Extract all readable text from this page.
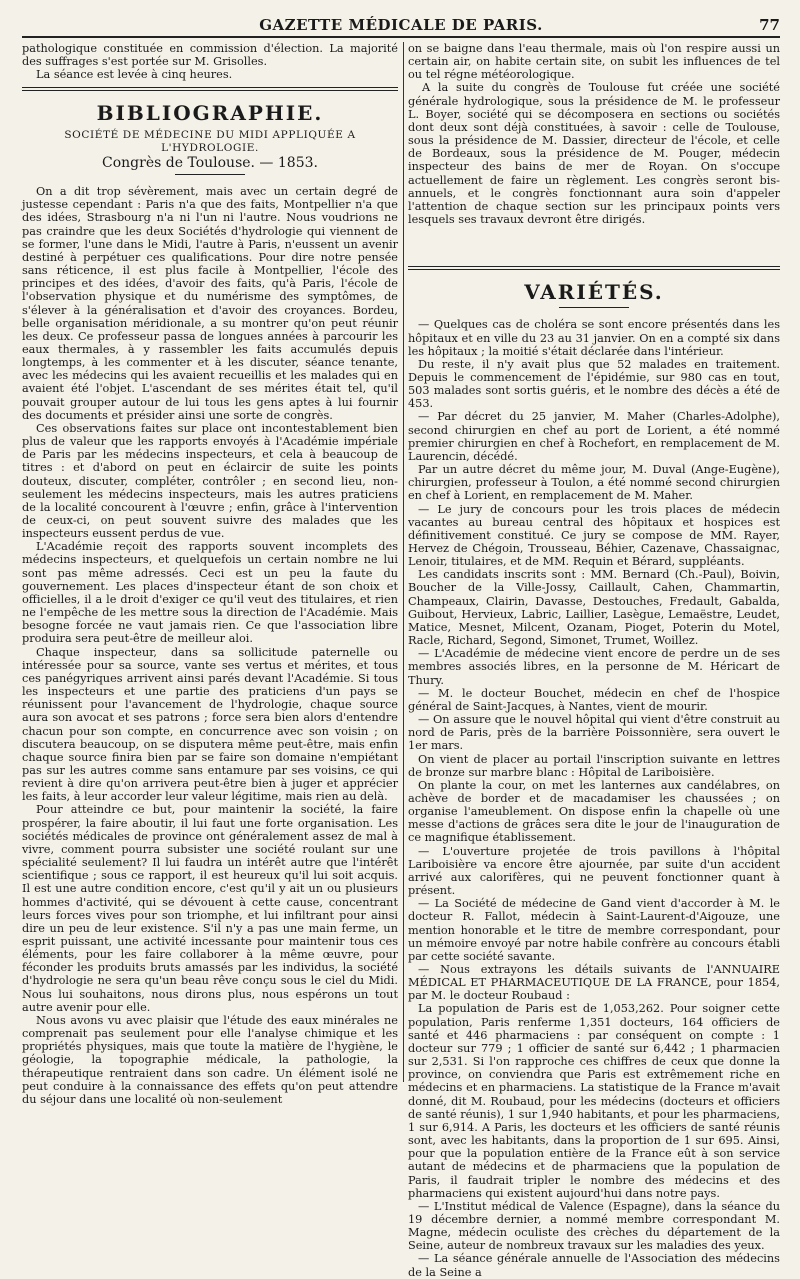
GAZETTE MÉDICALE DE PARIS.	77

pathologique constituée en commission d'élection. La majorité des suffrages s'est portée sur M. Grisolles.

La séance est levée à cinq heures.

BIBLIOGRAPHIE.
SOCIÉTÉ DE MÉDECINE DU MIDI APPLIQUÉE A L'HYDROLOGIE.
Congrès de Toulouse. — 1853.

On a dit trop sévèrement, mais avec un certain degré de justesse cependant : Paris n'a que des faits, Montpellier n'a que des idées, Strasbourg n'a ni l'un ni l'autre. Nous voudrions ne pas craindre que les deux Sociétés d'hydrologie qui viennent de se former, l'une dans le Midi, l'autre à Paris, n'eussent un avenir destiné à perpétuer ces qualifications. Pour dire notre pensée sans réticence, il est plus facile à Montpellier, l'école des principes et des idées, d'avoir des faits, qu'à Paris, l'école de l'observation physique et du numérisme des symptômes, de s'élever à la généralisation et d'avoir des croyances. Bordeu, belle organisation méridionale, a su montrer qu'on peut réunir les deux. Ce professeur passa de longues années à parcourir les eaux thermales, à y rassembler les faits accumulés depuis longtemps, à les commenter et à les discuter, séance tenante, avec les médecins qui les avaient recueillis et les malades qui en avaient été l'objet. L'ascendant de ses mérites était tel, qu'il pouvait grouper autour de lui tous les gens aptes à lui fournir des documents et présider ainsi une sorte de congrès.

Ces observations faites sur place ont incontestablement bien plus de valeur que les rapports envoyés à l'Académie impériale de Paris par les médecins inspecteurs, et cela à beaucoup de titres : et d'abord on peut en éclaircir de suite les points douteux, discuter, compléter, contrôler ; en second lieu, non-seulement les médecins inspecteurs, mais les autres praticiens de la localité concourent à l'œuvre ; enfin, grâce à l'intervention de ceux-ci, on peut souvent suivre des malades que les inspecteurs eussent perdus de vue.

L'Académie reçoit des rapports souvent incomplets des médecins inspecteurs, et quelquefois un certain nombre ne lui sont pas même adressés. Ceci est un peu la faute du gouvernement. Les places d'inspecteur étant de son choix et officielles, il a le droit d'exiger ce qu'il veut des titulaires, et rien ne l'empêche de les mettre sous la direction de l'Académie. Mais besogne forcée ne vaut jamais rien. Ce que l'association libre produira sera peut-être de meilleur aloi.

Chaque inspecteur, dans sa sollicitude paternelle ou intéressée pour sa source, vante ses vertus et mérites, et tous ces panégyriques arrivent ainsi parés devant l'Académie. Si tous les inspecteurs et une partie des praticiens d'un pays se réunissent pour l'avancement de l'hydrologie, chaque source aura son avocat et ses patrons ; force sera bien alors d'entendre chacun pour son compte, en concurrence avec son voisin ; on discutera beaucoup, on se disputera même peut-être, mais enfin chaque source finira bien par se faire son domaine n'empiétant pas sur les autres comme sans entamure par ses voisins, ce qui revient à dire qu'on arrivera peut-être bien à juger et apprécier les faits, à leur accorder leur valeur légitime, mais rien au delà.

Pour atteindre ce but, pour maintenir la société, la faire prospérer, la faire aboutir, il lui faut une forte organisation. Les sociétés médicales de province ont généralement assez de mal à vivre, comment pourra subsister une société roulant sur une spécialité seulement? Il lui faudra un intérêt autre que l'intérêt scientifique ; sous ce rapport, il est heureux qu'il lui soit acquis. Il est une autre condition encore, c'est qu'il y ait un ou plusieurs hommes d'activité, qui se dévouent à cette cause, concentrant leurs forces vives pour son triomphe, et lui infiltrant pour ainsi dire un peu de leur existence. S'il n'y a pas une main ferme, un esprit puissant, une activité incessante pour maintenir tous ces éléments, pour les faire collaborer à la même œuvre, pour féconder les produits bruts amassés par les individus, la société d'hydrologie ne sera qu'un beau rêve conçu sous le ciel du Midi. Nous lui souhaitons, nous dirons plus, nous espérons un tout autre avenir pour elle.

Nous avons vu avec plaisir que l'étude des eaux minérales ne comprenait pas seulement pour elle l'analyse chimique et les propriétés physiques, mais que toute la matière de l'hygiène, le géologie, la topographie médicale, la pathologie, la thérapeutique rentraient dans son cadre. Un élément isolé ne peut conduire à la connaissance des effets qu'on peut attendre du séjour dans une localité où non-seulement

on se baigne dans l'eau thermale, mais où l'on respire aussi un certain air, on habite certain site, on subit les influences de tel ou tel régne météorologique.

A la suite du congrès de Toulouse fut créée une société générale hydrologique, sous la présidence de M. le professeur L. Boyer, société qui se décomposera en sections ou sociétés dont deux sont déjà constituées, à savoir : celle de Toulouse, sous la présidence de M. Dassier, directeur de l'école, et celle de Bordeaux, sous la présidence de M. Pouger, médecin inspecteur des bains de mer de Royan. On s'occupe actuellement de faire un règlement. Les congrès seront bis-annuels, et le congrès fonctionnant aura soin d'appeler l'attention de chaque section sur les principaux points vers lesquels ses travaux devront être dirigés.

VARIÉTÉS.

— Quelques cas de choléra se sont encore présentés dans les hôpitaux et en ville du 23 au 31 janvier. On en a compté six dans les hôpitaux ; la moitié s'était déclarée dans l'intérieur.

Du reste, il n'y avait plus que 52 malades en traitement. Depuis le commencement de l'épidémie, sur 980 cas en tout, 503 malades sont sortis guéris, et le nombre des décès a été de 453.

— Par décret du 25 janvier, M. Maher (Charles-Adolphe), second chirurgien en chef au port de Lorient, a été nommé premier chirurgien en chef à Rochefort, en remplacement de M. Laurencin, décédé.

Par un autre décret du même jour, M. Duval (Ange-Eugène), chirurgien, professeur à Toulon, a été nommé second chirurgien en chef à Lorient, en remplacement de M. Maher.

— Le jury de concours pour les trois places de médecin vacantes au bureau central des hôpitaux et hospices est définitivement constitué. Ce jury se compose de MM. Rayer, Hervez de Chégoin, Trousseau, Béhier, Cazenave, Chassaignac, Lenoir, titulaires, et de MM. Requin et Bérard, suppléants.

Les candidats inscrits sont : MM. Bernard (Ch.-Paul), Boivin, Boucher de la Ville-Jossy, Caillault, Cahen, Chammartin, Champeaux, Clairin, Davasse, Destouches, Fredault, Gabalda, Guibout, Hervieux, Labric, Laillier, Lasègue, Lemaëstre, Leudet, Matice, Mesnet, Milcent, Ozanam, Pioget, Poterin du Motel, Racle, Richard, Segond, Simonet, Trumet, Woillez.

— L'Académie de médecine vient encore de perdre un de ses membres associés libres, en la personne de M. Héricart de Thury.

— M. le docteur Bouchet, médecin en chef de l'hospice général de Saint-Jacques, à Nantes, vient de mourir.

— On assure que le nouvel hôpital qui vient d'être construit au nord de Paris, près de la barrière Poissonnière, sera ouvert le 1er mars.

On vient de placer au portail l'inscription suivante en lettres de bronze sur marbre blanc : Hôpital de Lariboisière.

On plante la cour, on met les lanternes aux candélabres, on achève de border et de macadamiser les chaussées ; on organise l'ameublement. On dispose enfin la chapelle où une messe d'actions de grâces sera dite le jour de l'inauguration de ce magnifique établissement.

— L'ouverture projetée de trois pavillons à l'hôpital Lariboisière va encore être ajournée, par suite d'un accident arrivé aux calorifères, qui ne peuvent fonctionner quant à présent.

— La Société de médecine de Gand vient d'accorder à M. le docteur R. Fallot, médecin à Saint-Laurent-d'Aigouze, une mention honorable et le titre de membre correspondant, pour un mémoire envoyé par notre habile confrère au concours établi par cette société savante.

— Nous extrayons les détails suivants de l'ANNUAIRE MÉDICAL ET PHARMACEUTIQUE DE LA FRANCE, pour 1854, par M. le docteur Roubaud :

La population de Paris est de 1,053,262. Pour soigner cette population, Paris renferme 1,351 docteurs, 164 officiers de santé et 446 pharmaciens : par conséquent on compte : 1 docteur sur 779 ; 1 officier de santé sur 6,442 ; 1 pharmacien sur 2,531. Si l'on rapproche ces chiffres de ceux que donne la province, on conviendra que Paris est extrêmement riche en médecins et en pharmaciens. La statistique de la France m'avait donné, dit M. Roubaud, pour les médecins (docteurs et officiers de santé réunis), 1 sur 1,940 habitants, et pour les pharmaciens, 1 sur 6,914. A Paris, les docteurs et les officiers de santé réunis sont, avec les habitants, dans la proportion de 1 sur 695. Ainsi, pour que la population entière de la France eût à son service autant de médecins et de pharmaciens que la population de Paris, il faudrait tripler le nombre des médecins et des pharmaciens qui existent aujourd'hui dans notre pays.

— L'Institut médical de Valence (Espagne), dans la séance du 19 décembre dernier, a nommé membre correspondant M. Magne, médecin oculiste des crèches du département de la Seine, auteur de nombreux travaux sur les maladies des yeux.

— La séance générale annuelle de l'Association des médecins de la Seine a
